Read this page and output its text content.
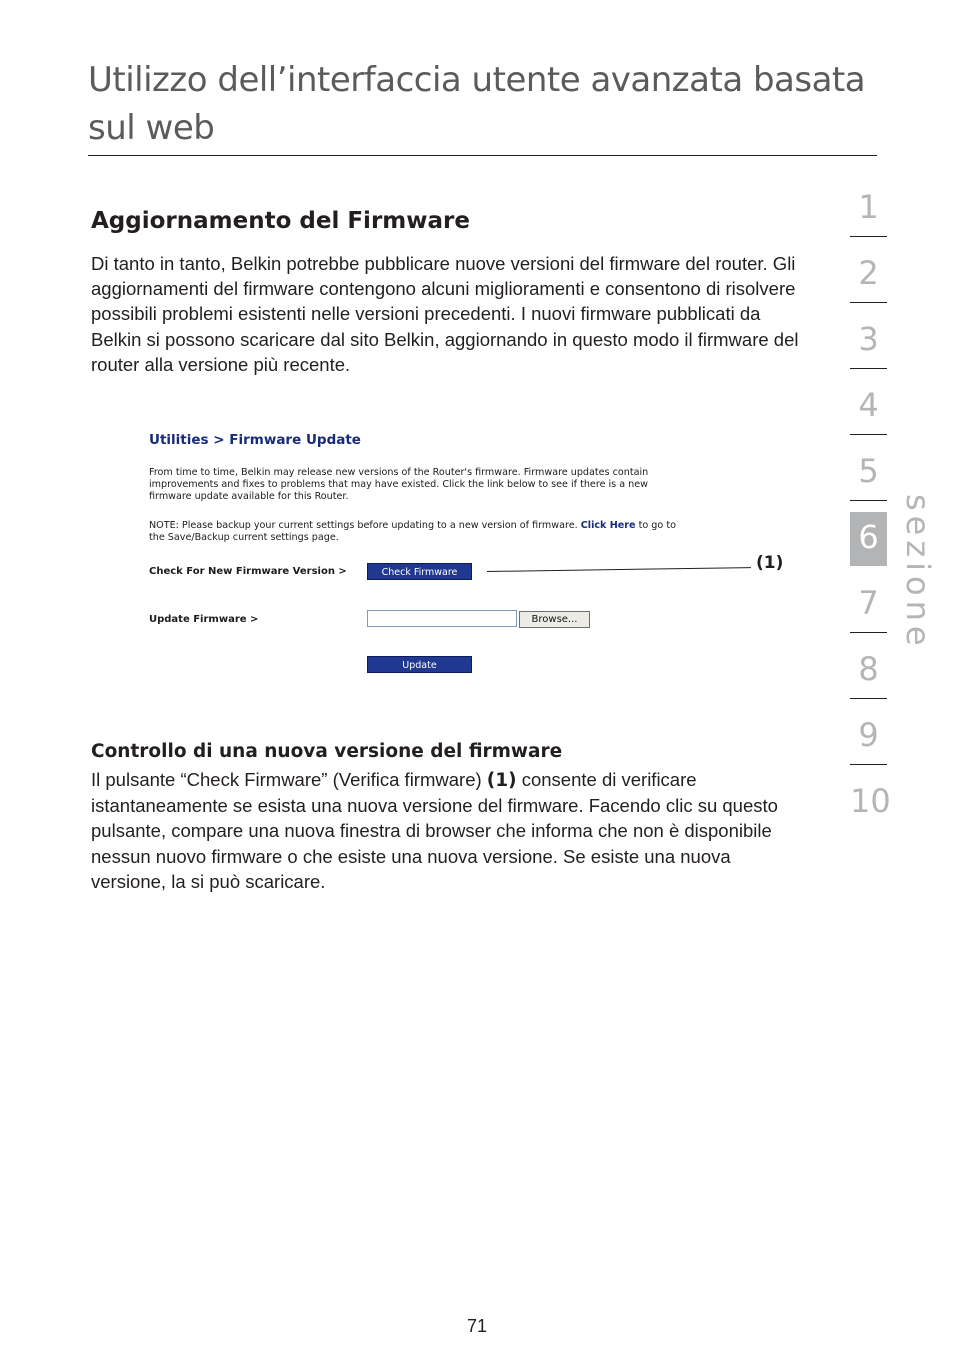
Utilizzo dell’interfaccia utente avanzata basata sul web
1
2
3
4
5
6
7
8
9
10
sezione
Aggiornamento del Firmware

Di tanto in tanto, Belkin potrebbe pubblicare nuove versioni del firmware del router. Gli aggiornamenti del firmware contengono alcuni miglioramenti e consentono di risolvere possibili problemi esistenti nelle versioni precedenti. I nuovi firmware pubblicati da Belkin si possono scaricare dal sito Belkin, aggiornando in questo modo il firmware del router alla versione più recente.

Utilities > Firmware Update

From time to time, Belkin may release new versions of the Router's firmware. Firmware updates contain improvements and fixes to problems that may have existed. Click the link below to see if there is a new firmware update available for this Router.

NOTE: Please backup your current settings before updating to a new version of firmware. Click Here to go to the Save/Backup current settings page.

Check For New Firmware Version >	Check Firmware
Update Firmware >	Browse...
Update
(1)
Controllo di una nuova versione del firmware

Il pulsante “Check Firmware” (Verifica firmware) (1) consente di verificare istantaneamente se esista una nuova versione del firmware. Facendo clic su questo pulsante, compare una nuova finestra di browser che informa che non è disponibile nessun nuovo firmware o che esiste una nuova versione. Se esiste una nuova versione, la si può scaricare.

71
